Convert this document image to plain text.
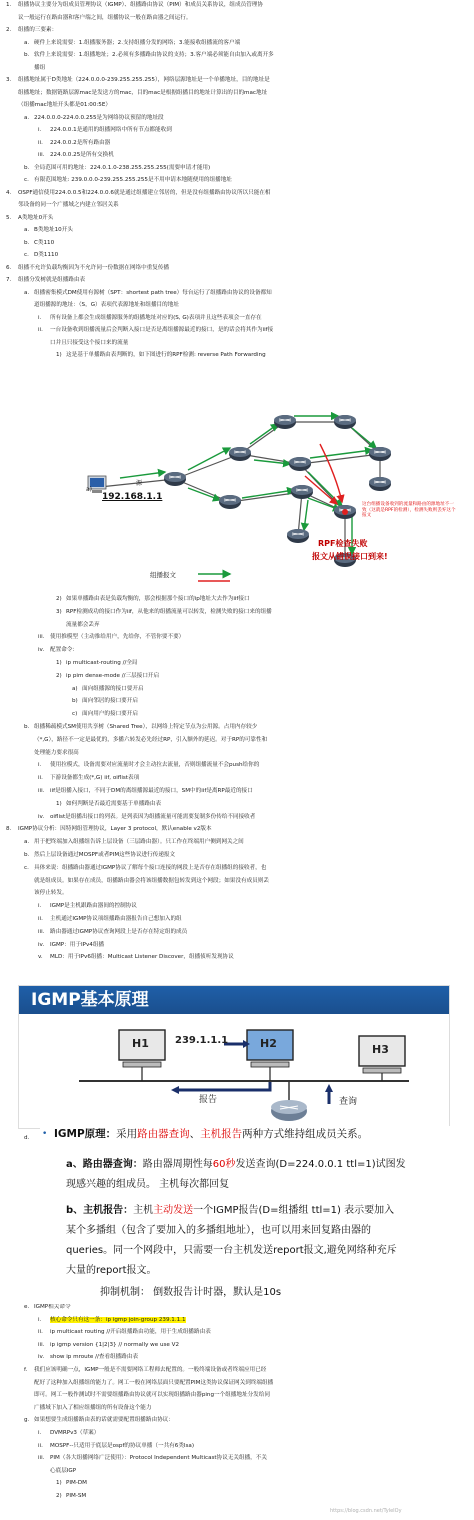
1. 组播协议主要分为组成员管理协议（IGMP）、组播路由协议（PIM）和成员关系协议，组成员管理协
议一般运行在路由器和客户端之间，组播协议一般在路由器之间运行。
2. 组播的三要素：
a. 硬件上来说需要：1.组播服务器；2.支持组播分发的网络；3.能接收组播流的客户端
b. 软件上来说需要：1.组播地址；2.必须有多播路由协议的支持；3.客户端必须能自由加入或离开多
播组
3. 组播地址属于D类地址（224.0.0.0-239.255.255.255），网络层源地址是一个单播地址，目的地址是
组播地址；数据链路层源mac是发送方的mac，目的mac是根据组播目的地址计算出的目的mac地址
（组播mac地址开头都是01:00:5E）
a. 224.0.0.0-224.0.0.255是为网络协议预留的地址段
i. 224.0.0.1是通用的组播网络中所有节点都能收到
ii. 224.0.0.2是所有路由器
iii. 224.0.0.25是所有交换机
b. 全局范围可用的地址：224.0.1.0-238.255.255.255(需要申请才能用)
c. 有限范围地址: 239.0.0.0-239.255.255.255是不用申请本地随便用的组播地址
4. OSPF通信使用224.0.0.5和224.0.0.6就是通过组播建立邻居的，但是没有组播路由协议所以只能在相
邻设备的同一个广播域之内建立邻居关系
5. A类地址0开头
a. B类地址10开头
b. C类110
c. D类1110
6. 组播不允许负载均衡因为不允许同一份数据在网络中重复传播
7. 组播分发树就是组播路由表
a. 组播密集模式DM使用有源树（SPT：shortest path tree）每台运行了组播路由协议的设备都知
道组播源的地址：（S，G）表项代表源地址和组播目的地址
i. 所有设备上都会生成组播源服务的组播地址对应的(S, G)表项并且这些表项会一直存在
ii. 一台设备收到组播流量后会判断入接口是否是离组播源最近的接口，是的话会将其作为iif接
口并且只接受这个接口来的流量
1) 这是基于单播路由表判断的，如下图进行的RPF检测: reverse Path Forwarding
2) 如果单播路由表是负载均衡的，那会根据那个接口的ip地址大去作为iif接口
3) RPF检测成功的接口作为iif，从他来的组播流量可以转发，检测失败的接口来的组播
流量都会丢弃
iii. 使用推模型（主动推给用户，先给你，不管你要不要）
iv. 配置命令：
1) ip multicast-routing //全局
2) ip pim dense-mode //三层接口开启
a) 面向组播源的接口要开启
b) 面向邻居的接口要开启
c) 面向用户的接口要开启
b. 组播稀疏模式SM使用共享树（Shared Tree），以网络上特定节点为公用源。占用内存较少
（*,G），路径不一定是最优的，多播六转发必先经过RP，引入额外的延迟。对于RP的可靠性和
处理能力要求很高
i. 使用拉模式，设备需要对应流量时才会主动拉去流量，否则组播流量不会push给你的
ii. 下游设备都生成(*,G) iif, oiflist表项
iii. iif是组播入接口，不同于DM的离组播源最近的接口，SM中的iif是离RP最近的接口
1) 如何判断是否最近需要基于单播路由表
iv. oiflist是组播出接口的列表。是列表因为组播流量可能需要复制多份传给不同接收者
8. IGMP协议分析：因特网组管理协议，Layer 3 protocol，默认enable v2版本
a. 用于把终端加入组播组告诉上层设备（三层路由器）。只工作在终端用户侧到网关之间
b. 然后上层设备通过MOSPF或者PIM这些协议进行传递报文
c. 具体来说：组播路由器通过IGMP协议了解每个接口连接的网段上是否存在组播组的接收者，也
就是组成员。如果存在成员，组播路由器会将该组播数据包转发到这个网段；如果没有成员则丢
该停止转发。
i. IGMP是主机跟路由器间的控制协议
ii. 主机通过IGMP协议项组播路由器报告自己想加入的组
iii. 路由器通过IGMP协议查询网段上是否存在特定组的成员
iv. IGMP：用于IPv4组播
v. MLD：用于IPv6组播：Multicast Listener Discover，组播侦听发现协议
e. IGMP相关命令
i. 核心命令只有这一条：ip igmp join-group 239.1.1.1
ii. ip multicast routing //开启组播路由功能，用于生成组播路由表
iii. ip igmp version {1|2|3} // normally we use V2
iv. show ip mroute //查看组播路由表
f. 我们应该明确一点，IGMP一般是不需要网络工程师去配置的。一般终端设备或者终端应用已经
配好了这种加入组播组的能力了。网工一般在网络层面只要配置PIM这类协议保证网关到终端组播
即可。网工一般作测试时不需要组播路由协议就可以实现组播路由器ping一个组播地址分发给同
广播域下加入了相应组播组的所有设备这个能力
g. 如果想要生成组播路由表的话就需要配置组播路由协议：
i. DVMRPv3（草案）
ii. MOSPF--只适用于底层是ospf的协议单播（一共有6类lsa)
iii. PIM（各大组播网络广泛使用）：Protocol Independent Multicast协议无关组播，不关
心底层IGP
1) PIM-DM
2) PIM-SM
a)
源
192.168.1.1
组播报文
这台组播设备收到的流量和路由的源地址不一致（这就是RPF的检测），检测失败则丢弃这个报文
RPF检查失败
报文从错误接口到来!
IGMP基本原理
H1	H2	H3
239.1.1.1
报告	查询
d. • IGMP原理：采用路由器查询、主机报告两种方式维持组成员关系。
a、路由器查询：路由器周期性每60秒发送查询(D=224.0.0.1 ttl=1)试图发
现感兴趣的组成员。 主机每次都回复
b、主机报告：主机主动发送一个IGMP报告(D=组播组 ttl=1) 表示要加入
某个多播组（包含了要加入的多播组地址），也可以用来回复路由器的
queries。同一个网段中，只需要一台主机发送report报文,避免网络种充斥
大量的report报文。
抑制机制： 倒数报告计时器，默认是10s
https://blog.csdn.net/TyleIOy
